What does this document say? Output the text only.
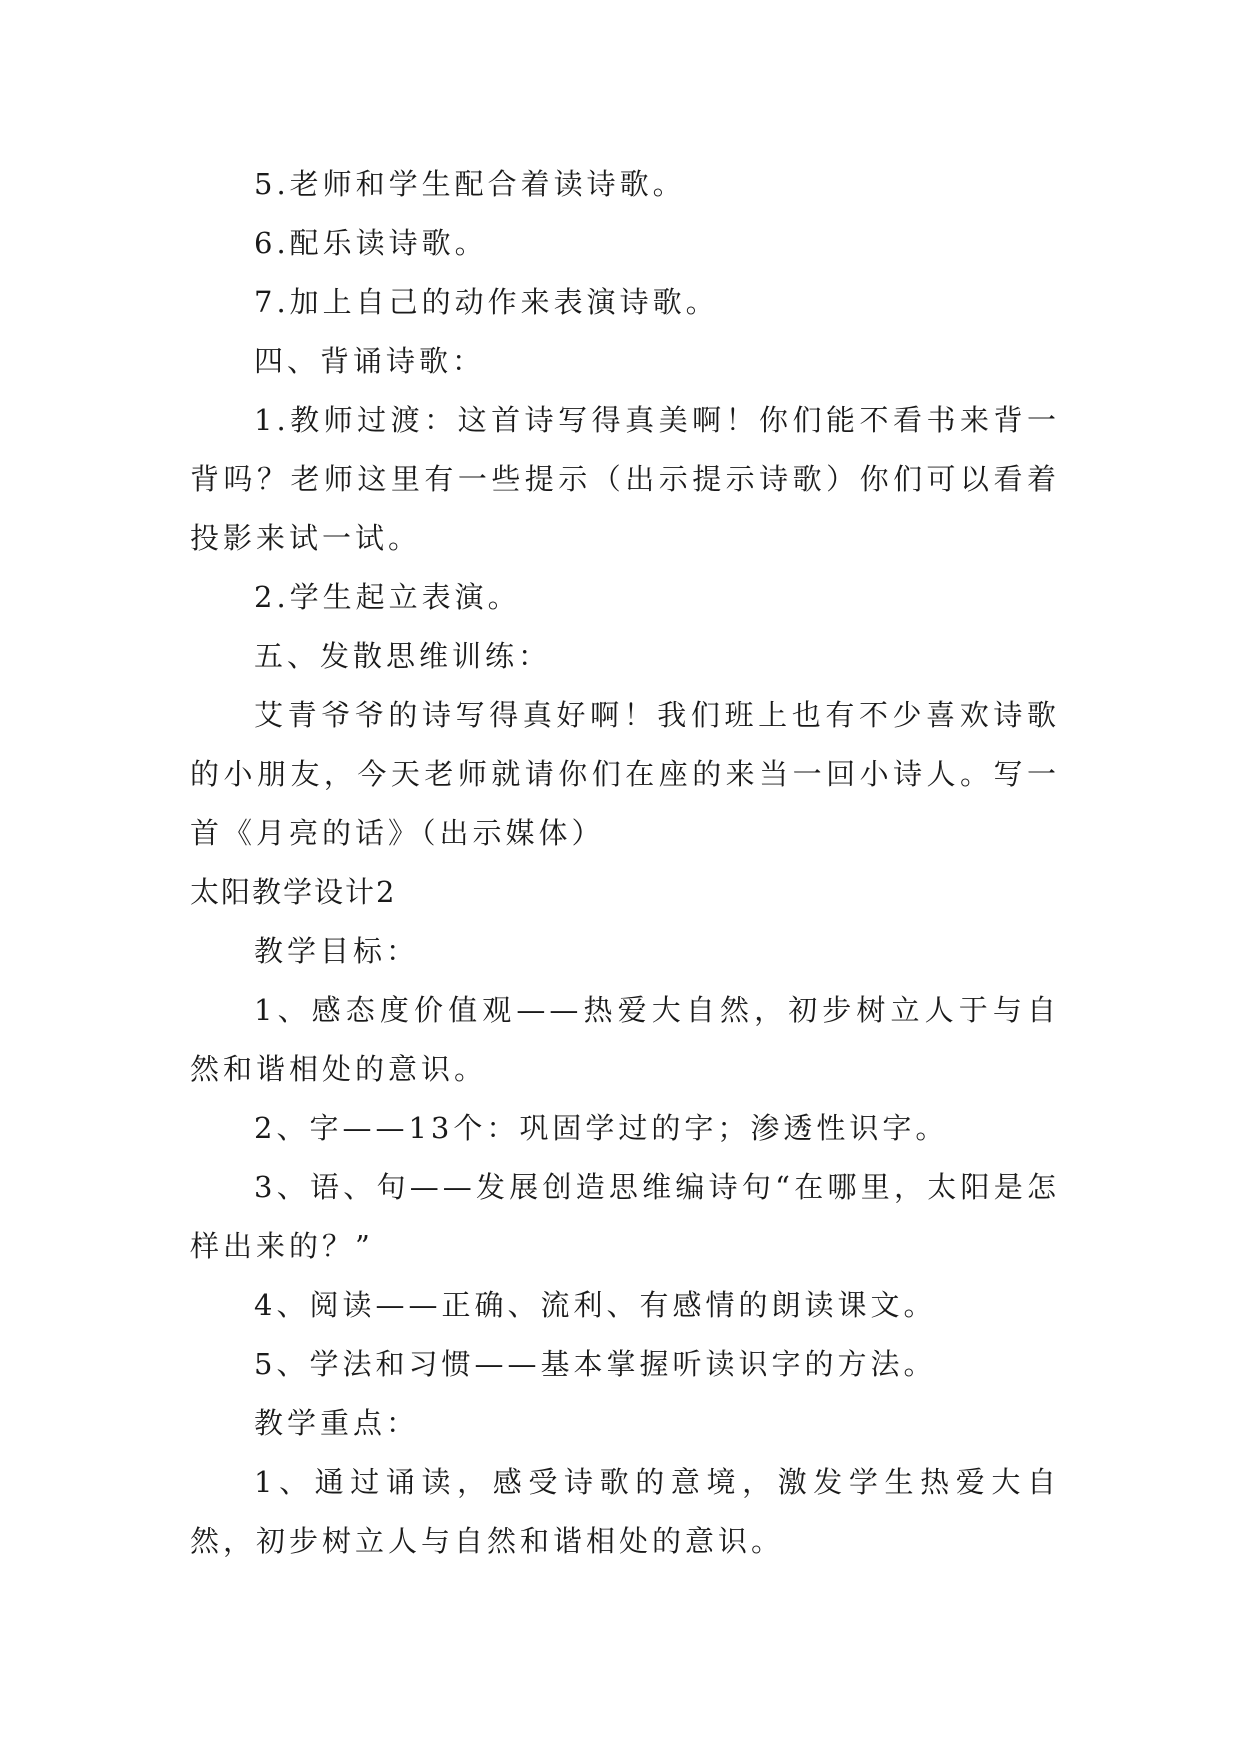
5.老师和学生配合着读诗歌。

6.配乐读诗歌。

7.加上自己的动作来表演诗歌。

四、背诵诗歌：

1.教师过渡：这首诗写得真美啊！你们能不看书来背一背吗？老师这里有一些提示（出示提示诗歌）你们可以看着投影来试一试。

2.学生起立表演。

五、发散思维训练：

艾青爷爷的诗写得真好啊！我们班上也有不少喜欢诗歌的小朋友，今天老师就请你们在座的来当一回小诗人。写一首《月亮的话》（出示媒体）

太阳教学设计2

教学目标：

1、感态度价值观——热爱大自然，初步树立人于与自然和谐相处的意识。

2、字——13个：巩固学过的字；渗透性识字。

3、语、句——发展创造思维编诗句“在哪里，太阳是怎样出来的？”

4、阅读——正确、流利、有感情的朗读课文。

5、学法和习惯——基本掌握听读识字的方法。

教学重点：

1、通过诵读，感受诗歌的意境，激发学生热爱大自然，初步树立人与自然和谐相处的意识。
